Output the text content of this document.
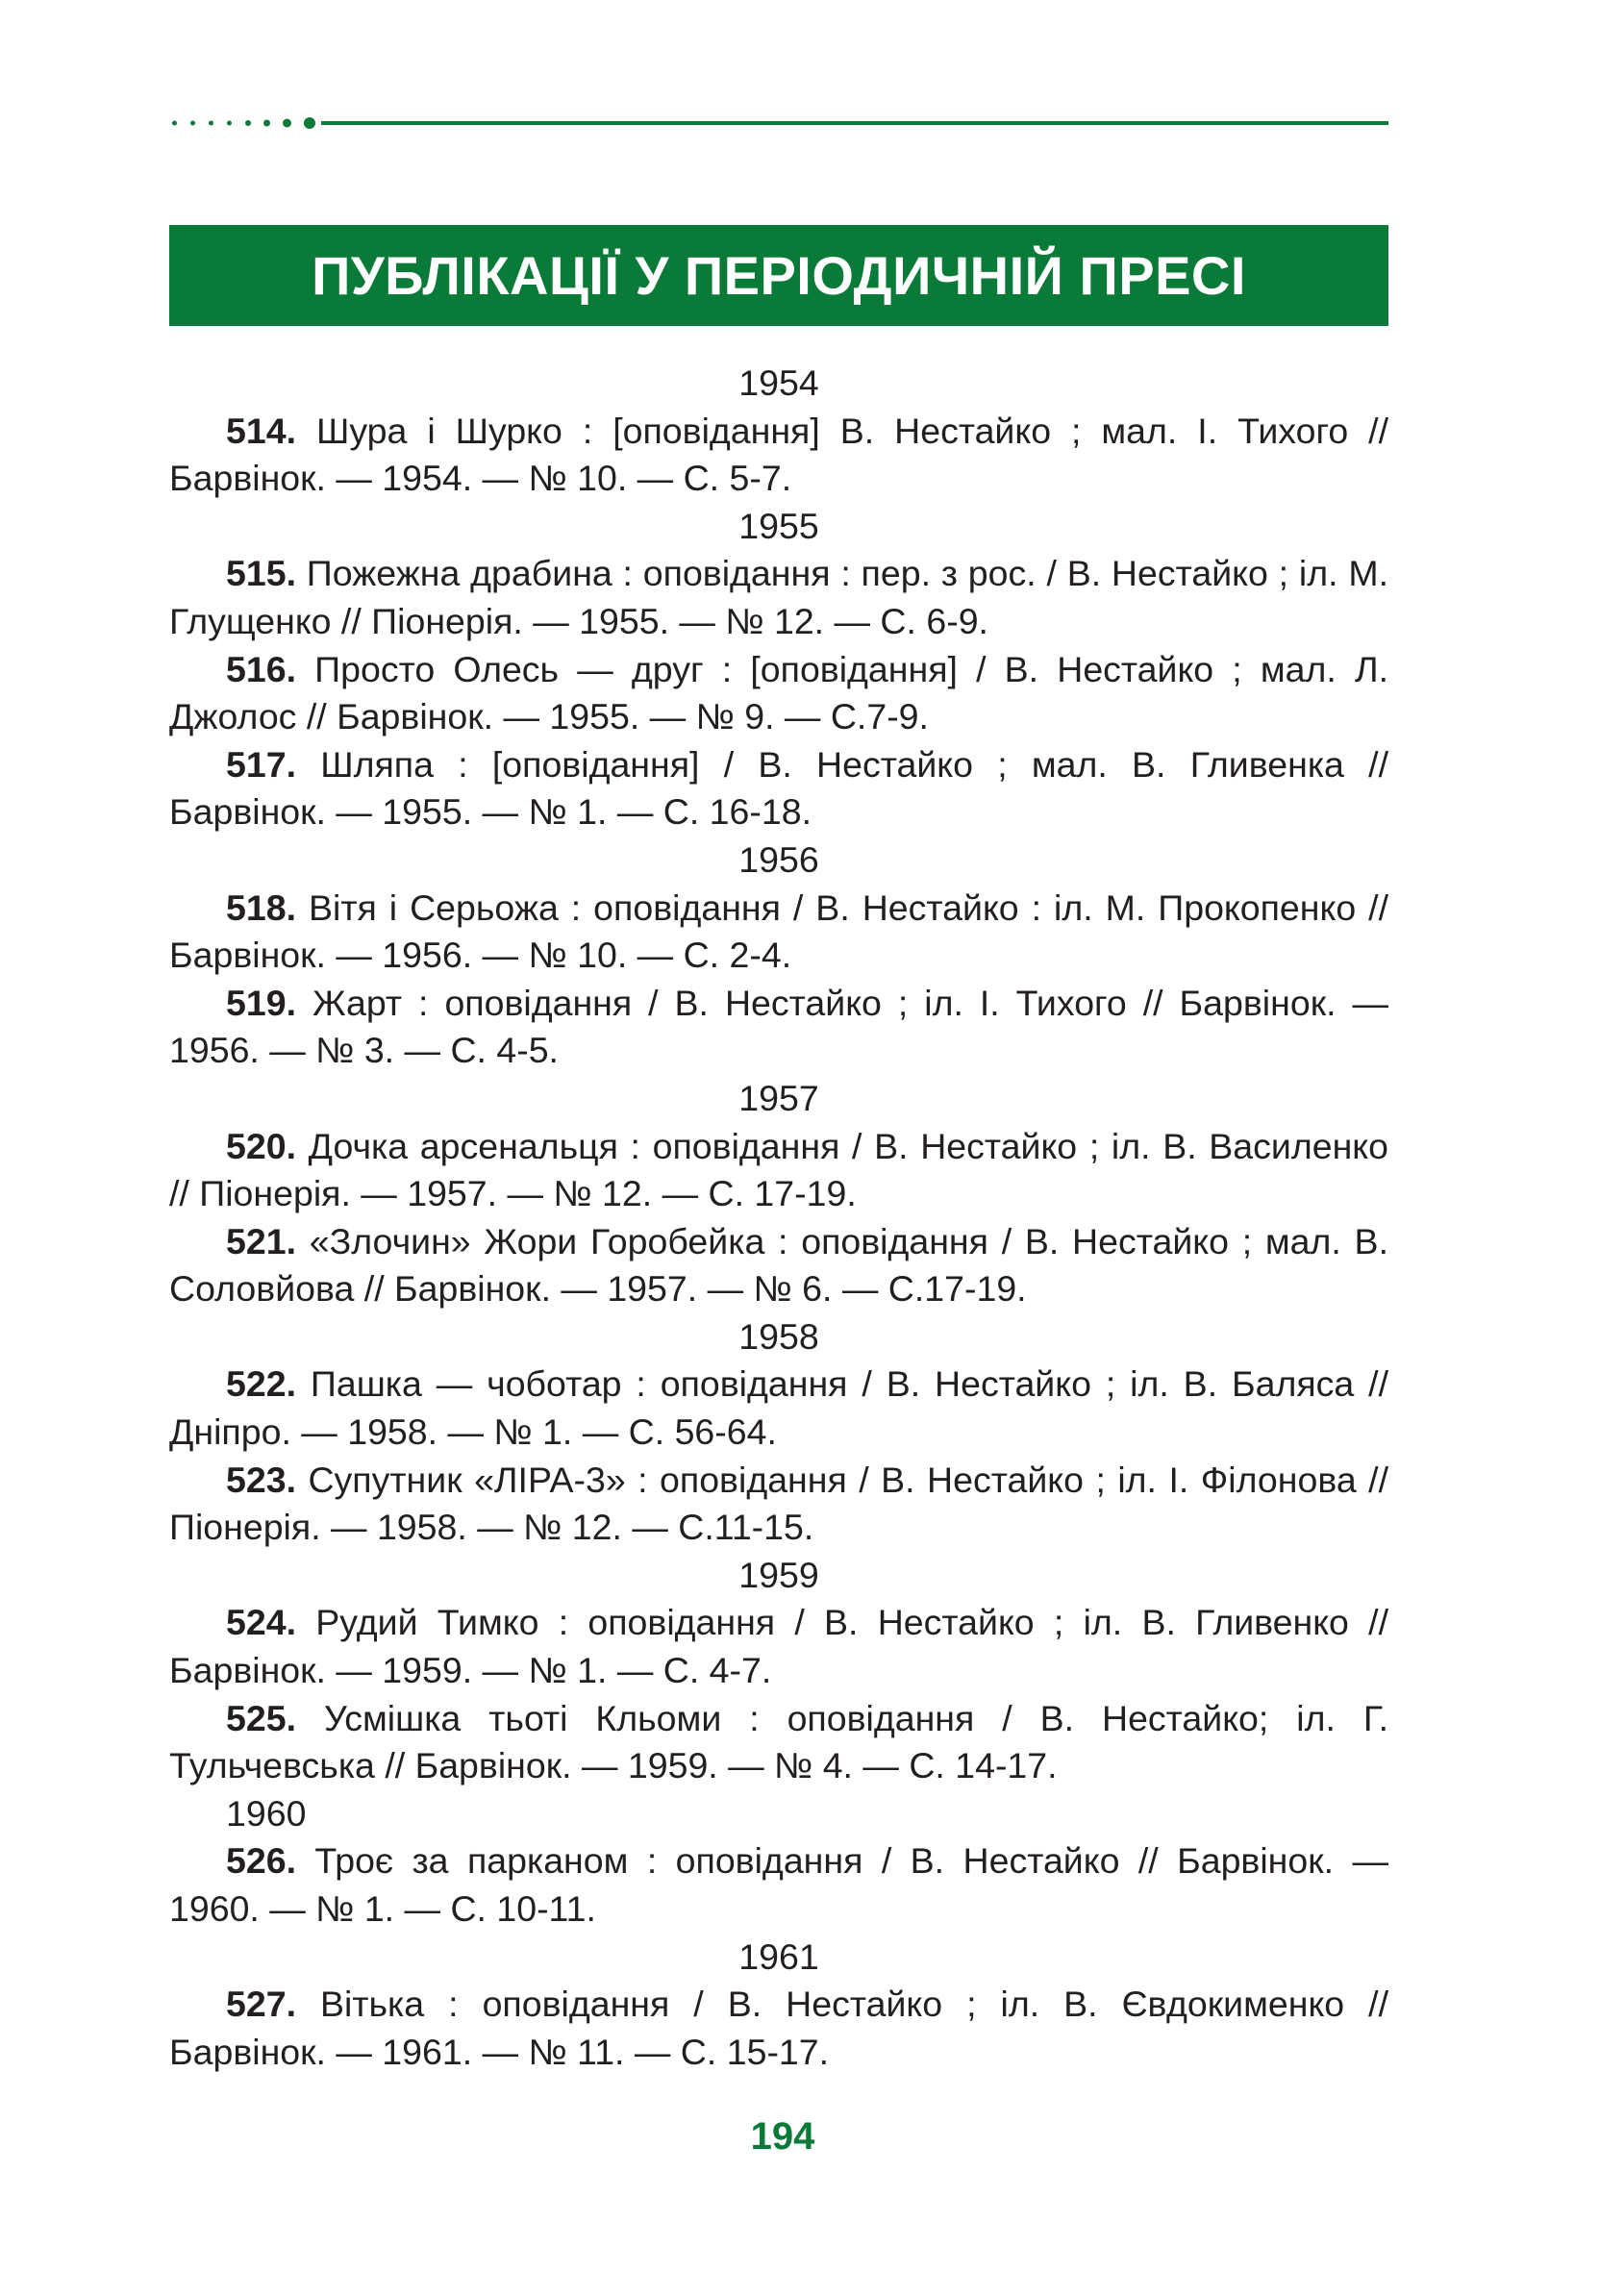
ПУБЛІКАЦІЇ У ПЕРІОДИЧНІЙ ПРЕСІ
1954
514. Шура і Шурко : [оповідання] В. Нестайко ; мал. І. Тихого // Барвінок. — 1954. — № 10. — С. 5-7.
1955
515. Пожежна драбина : оповідання : пер. з рос. / В. Нестайко ; іл. М. Глущенко // Піонерія. — 1955. — № 12. — С. 6-9.
516. Просто Олесь — друг : [оповідання] / В. Нестайко ; мал. Л. Джолос // Барвінок. — 1955. — № 9. — С.7-9.
517. Шляпа : [оповідання] / В. Нестайко ; мал. В. Гливенка // Барвінок. — 1955. — № 1. — С. 16-18.
1956
518. Вітя і Серьожа : оповідання / В. Нестайко : іл. М. Прокопенко // Барвінок. — 1956. — № 10. — С. 2-4.
519. Жарт : оповідання / В. Нестайко ; іл. І. Тихого // Барвінок. — 1956. — № 3. — С. 4-5.
1957
520. Дочка арсенальця : оповідання / В. Нестайко ; іл. В. Василенко // Піонерія. — 1957. — № 12. — С. 17-19.
521. «Злочин» Жори Горобейка : оповідання / В. Нестайко ; мал. В. Соловйова // Барвінок. — 1957. — № 6. — С.17-19.
1958
522. Пашка — чоботар : оповідання / В. Нестайко ; іл. В. Баляса // Дніпро. — 1958. — № 1. — С. 56-64.
523. Супутник «ЛІРА-3» : оповідання / В. Нестайко ; іл. І. Філонова // Піонерія. — 1958. — № 12. — С.11-15.
1959
524. Рудий Тимко : оповідання / В. Нестайко ; іл. В. Гливенко // Барвінок. — 1959. — № 1. — С. 4-7.
525. Усмішка тьоті Кльоми : оповідання / В. Нестайко; іл. Г. Тульчевська // Барвінок. — 1959. — № 4. — С. 14-17.
1960
526. Троє за парканом : оповідання / В. Нестайко // Барвінок. — 1960. — № 1. — С. 10-11.
1961
527. Вітька : оповідання / В. Нестайко ; іл. В. Євдокименко // Барвінок. — 1961. — № 11. — С. 15-17.
194
